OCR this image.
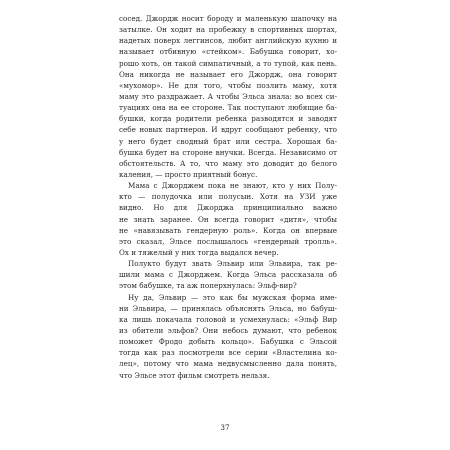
сосед. Джордж носит бороду и маленькую шапочку на
затылке. Он ходит на пробежку в спортивных шортах,
надетых поверх леггинсов, любит английскую кухню и
называет отбивную «стейком». Бабушка говорит, хо-
рошо хоть, он такой симпатичный, а то тупой, как пень.
Она никогда не называет его Джордж, она говорит
«мухомор». Не для того, чтобы позлить маму, хотя
маму это раздражает. А чтобы Эльса знала: во всех си-
туациях она на ее стороне. Так поступают любящие ба-
бушки, когда родители ребенка разводятся и заводят
себе новых партнеров. И вдруг сообщают ребенку, что
у него будет сводный брат или сестра. Хорошая ба-
бушка будет на стороне внучки. Всегда. Независимо от
обстоятельств. А то, что маму это доводит до белого
каления, — просто приятный бонус.
Мама с Джорджем пока не знают, кто у них Полу-
кто — полудочка или полусын. Хотя на УЗИ уже
видно. Но для Джорджа принципиально важно
не знать заранее. Он всегда говорит «дитя», чтобы
не «навязывать гендерную роль». Когда он впервые
это сказал, Эльсе послышалось «гендерный тролль».
Ох и тяжелый у них тогда выдался вечер.
Полукто будут звать Эльвир или Эльвира, так ре-
шили мама с Джорджем. Когда Эльса рассказала об
этом бабушке, та аж поперхнулась: Эльф-вир?
Ну да, Эльвир — это как бы мужская форма име-
ни Эльвира, — принялась объяснять Эльса, но бабуш-
ка лишь покачала головой и усмехнулась: «Эльф Вир
из обители эльфов? Они небось думают, что ребенок
поможет Фродо добыть кольцо». Бабушка с Эльсой
тогда как раз посмотрели все серии «Властелина ко-
лец», потому что мама недвусмысленно дала понять,
что Эльсе этот фильм смотреть нельзя.
37
